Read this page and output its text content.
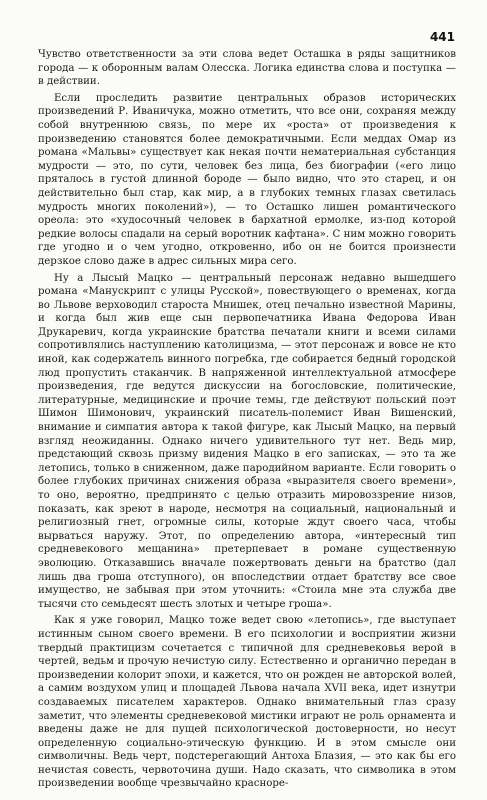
441

Чувство ответственности за эти слова ведет Осташка в ряды защитников города — к оборонным валам Олесска. Логика единства слова и поступка — в действии.

Если проследить развитие центральных образов исторических произведений Р. Иваничука, можно отметить, что все они, сохраняя между собой внутреннюю связь, по мере их «роста» от произведения к произведению становятся более демократичными. Если меддах Омар из романа «Мальвы» существует как некая почти нематериальная субстанция мудрости — это, по сути, человек без лица, без биографии («его лицо пряталось в густой длинной бороде — было видно, что это старец, и он действительно был стар, как мир, а в глубоких темных глазах светилась мудрость многих поколений»), — то Осташко лишен романтического ореола: это «худосочный человек в бархатной ермолке, из-под которой редкие волосы спадали на серый воротник кафтана». С ним можно говорить где угодно и о чем угодно, откровенно, ибо он не боится произнести дерзкое слово даже в адрес сильных мира сего.

Ну а Лысый Мацко — центральный персонаж недавно вышедшего романа «Манускрипт с улицы Русской», повествующего о временах, когда во Львове верховодил староста Мнишек, отец печально известной Марины, и когда был жив еще сын первопечатника Ивана Федорова Иван Друкаревич, когда украинские братства печатали книги и всеми силами сопротивлялись наступлению католицизма, — этот персонаж и вовсе не кто иной, как содержатель винного погребка, где собирается бедный городской люд пропустить стаканчик. В напряженной интеллектуальной атмосфере произведения, где ведутся дискуссии на богословские, политические, литературные, медицинские и прочие темы, где действуют польский поэт Шимон Шимонович, украинский писатель-полемист Иван Вишенский, внимание и симпатия автора к такой фигуре, как Лысый Мацко, на первый взгляд неожиданны. Однако ничего удивительного тут нет. Ведь мир, предстающий сквозь призму видения Мацко в его записках, — это та же летопись, только в сниженном, даже пародийном варианте. Если говорить о более глубоких причинах снижения образа «выразителя своего времени», то оно, вероятно, предпринято с целью отразить мировоззрение низов, показать, как зреют в народе, несмотря на социальный, национальный и религиозный гнет, огромные силы, которые ждут своего часа, чтобы вырваться наружу. Этот, по определению автора, «интересный тип средневекового мещанина» претерпевает в романе существенную эволюцию. Отказавшись вначале пожертвовать деньги на братство (дал лишь два гроша отступного), он впоследствии отдает братству все свое имущество, не забывая при этом уточнить: «Стоила мне эта служба две тысячи сто семьдесят шесть злотых и четыре гроша».

Как я уже говорил, Мацко тоже ведет свою «летопись», где выступает истинным сыном своего времени. В его психологии и восприятии жизни твердый практицизм сочетается с типичной для средневековья верой в чертей, ведьм и прочую нечистую силу. Естественно и органично передан в произведении колорит эпохи, и кажется, что он рожден не авторской волей, а самим воздухом улиц и площадей Львова начала XVII века, идет изнутри создаваемых писателем характеров. Однако внимательный глаз сразу заметит, что элементы средневековой мистики играют не роль орнамента и введены даже не для пущей психологической достоверности, но несут определенную социально-этическую функцию. И в этом смысле они символичны. Ведь черт, подстерегающий Антоха Блазия, — это как бы его нечистая совесть, червоточина души. Надо сказать, что символика в этом произведении вообще чрезвычайно красноре-
